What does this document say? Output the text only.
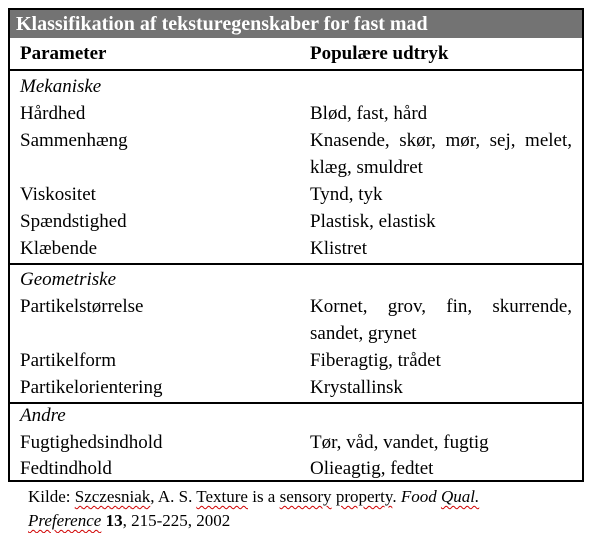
Klassifikation af teksturegenskaber for fast mad
Parameter	Populære udtryk
Mekaniske
Hårdhed	Blød, fast, hård
Sammenhæng	Knasende, skør, mør, sej, melet, klæg, smuldret
Viskositet	Tynd, tyk
Spændstighed	Plastisk, elastisk
Klæbende	Klistret
Geometriske
Partikelstørrelse	Kornet, grov, fin, skurrende, sandet, grynet
Partikelform	Fiberagtig, trådet
Partikelorientering	Krystallinsk
Andre
Fugtighedsindhold	Tør, våd, vandet, fugtig
Fedtindhold	Olieagtig, fedtet
Kilde: Szczesniak, A. S. Texture is a sensory property. Food Qual.
Preference 13, 215-225, 2002
